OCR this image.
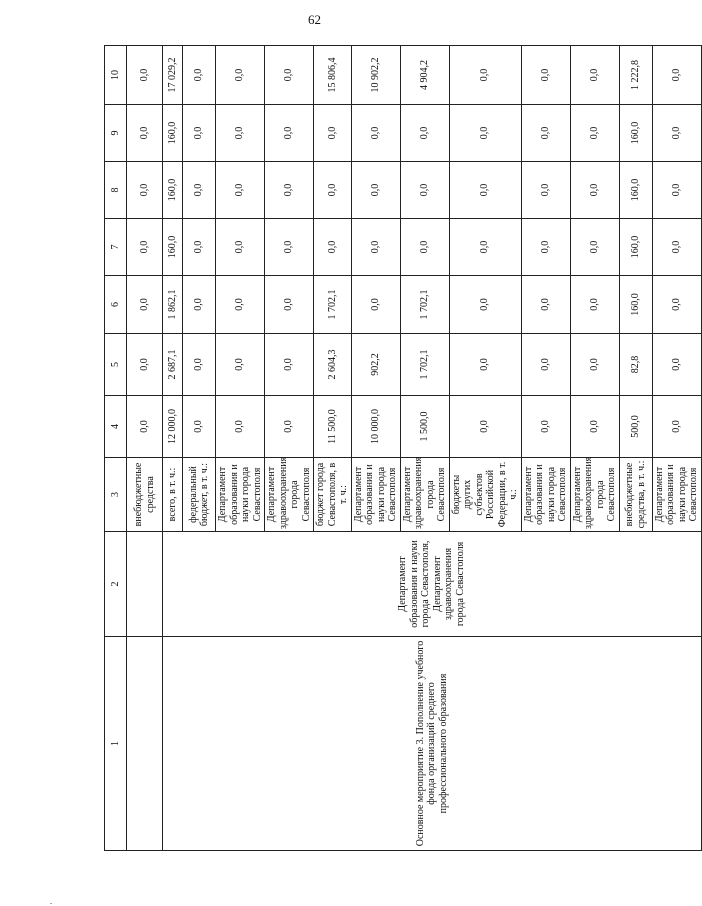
62
1	2	3	4	5	6	7	8	9	10
		внебюджетные средства	0,0	0,0	0,0	0,0	0,0	0,0	0,0
Основное мероприятие 3. Пополнение учебного фонда организаций среднего профессионального образования	Департамент образования и науки города Севастополя, Департамент здравоохранения города Севастополя	всего, в т. ч.:	12 000,0	2 687,1	1 862,1	160,0	160,0	160,0	17 029,2
		федеральный бюджет, в т. ч.:	0,0	0,0	0,0	0,0	0,0	0,0	0,0
		Департамент образования и науки города Севастополя	0,0	0,0	0,0	0,0	0,0	0,0	0,0
		Департамент здравоохранения города Севастополя	0,0	0,0	0,0	0,0	0,0	0,0	0,0
		бюджет города Севастополя, в т. ч.:	11 500,0	2 604,3	1 702,1	0,0	0,0	0,0	15 806,4
		Департамент образования и науки города Севастополя	10 000,0	902,2	0,0	0,0	0,0	0,0	10 902,2
		Департамент здравоохранения города Севастополя	1 500,0	1 702,1	1 702,1	0,0	0,0	0,0	4 904,2
		бюджеты других субъектов Российской Федерации, в т. ч.:	0,0	0,0	0,0	0,0	0,0	0,0	0,0
		Департамент образования и науки города Севастополя	0,0	0,0	0,0	0,0	0,0	0,0	0,0
		Департамент здравоохранения города Севастополя	0,0	0,0	0,0	0,0	0,0	0,0	0,0
		внебюджетные средства, в т. ч.:	500,0	82,8	160,0	160,0	160,0	160,0	1 222,8
		Департамент образования и науки города Севастополя	0,0	0,0	0,0	0,0	0,0	0,0	0,0
.
